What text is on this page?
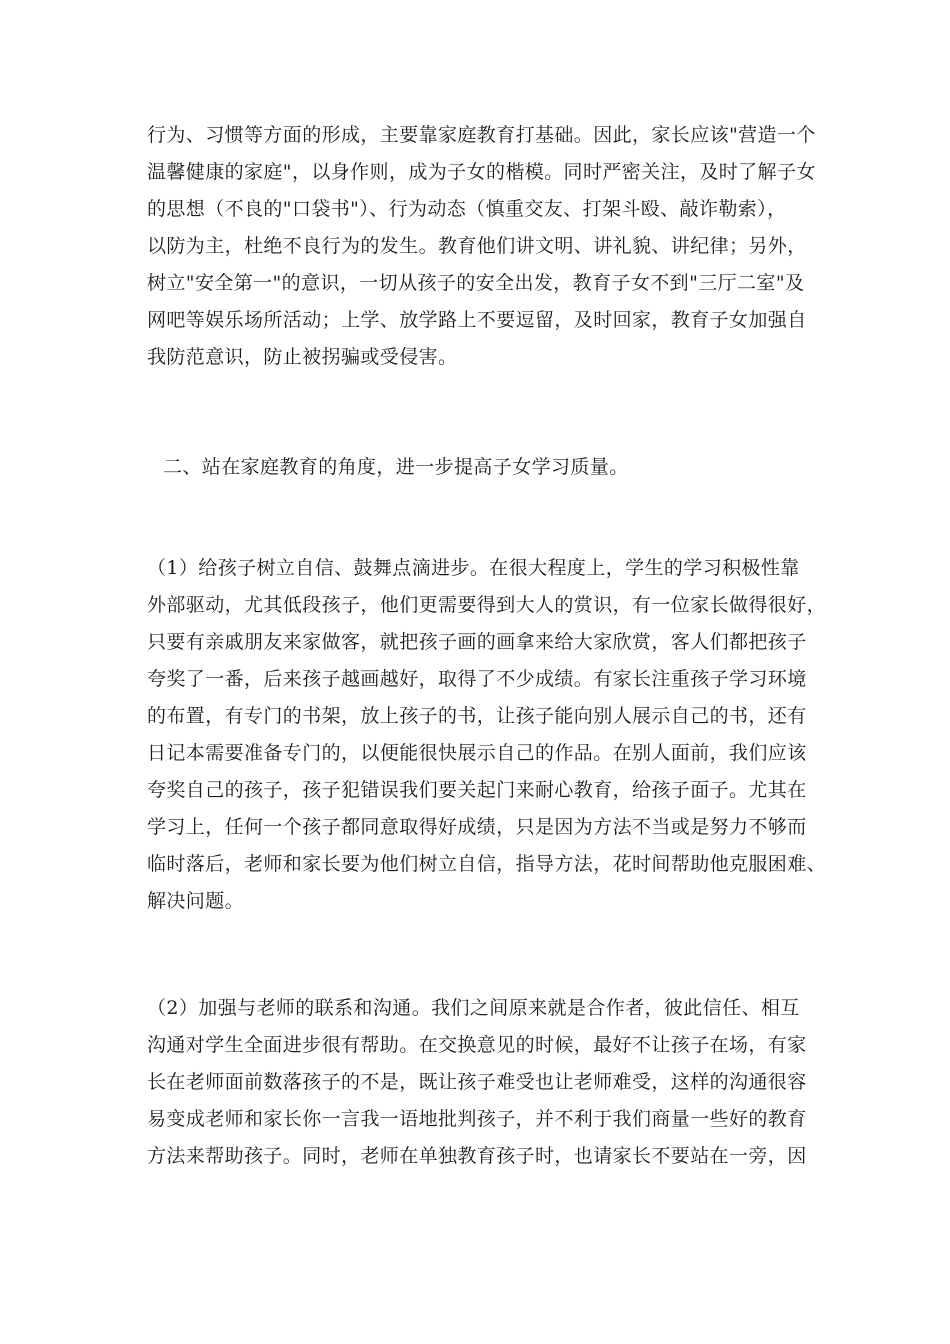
行为、习惯等方面的形成，主要靠家庭教育打基础。因此，家长应该"营造一个
温馨健康的家庭"，以身作则，成为子女的楷模。同时严密关注，及时了解子女
的思想（不良的"口袋书"）、行为动态（慎重交友、打架斗殴、敲诈勒索），
以防为主，杜绝不良行为的发生。教育他们讲文明、讲礼貌、讲纪律；另外，
树立"安全第一"的意识，一切从孩子的安全出发，教育子女不到"三厅二室"及
网吧等娱乐场所活动；上学、放学路上不要逗留，及时回家，教育子女加强自
我防范意识，防止被拐骗或受侵害。
二、站在家庭教育的角度，进一步提高子女学习质量。
（1）给孩子树立自信、鼓舞点滴进步。在很大程度上，学生的学习积极性靠
外部驱动，尤其低段孩子，他们更需要得到大人的赏识，有一位家长做得很好，
只要有亲戚朋友来家做客，就把孩子画的画拿来给大家欣赏，客人们都把孩子
夸奖了一番，后来孩子越画越好，取得了不少成绩。有家长注重孩子学习环境
的布置，有专门的书架，放上孩子的书，让孩子能向别人展示自己的书，还有
日记本需要准备专门的，以便能很快展示自己的作品。在别人面前，我们应该
夸奖自己的孩子，孩子犯错误我们要关起门来耐心教育，给孩子面子。尤其在
学习上，任何一个孩子都同意取得好成绩，只是因为方法不当或是努力不够而
临时落后，老师和家长要为他们树立自信，指导方法，花时间帮助他克服困难、
解决问题。
（2）加强与老师的联系和沟通。我们之间原来就是合作者，彼此信任、相互
沟通对学生全面进步很有帮助。在交换意见的时候，最好不让孩子在场，有家
长在老师面前数落孩子的不是，既让孩子难受也让老师难受，这样的沟通很容
易变成老师和家长你一言我一语地批判孩子，并不利于我们商量一些好的教育
方法来帮助孩子。同时，老师在单独教育孩子时，也请家长不要站在一旁，因
